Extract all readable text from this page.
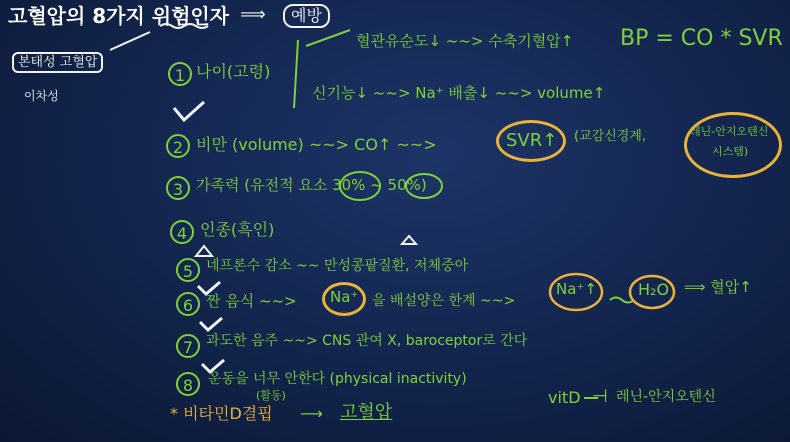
고혈압의 8가지 위험인자 ⟹	예방
본태성 고혈압
이차성
BP = CO * SVR
혈관유순도↓ ~~> 수축기혈압↑
신기능↓ ~~> Na⁺ 배출↓ ~~> volume↑
1 나이(고령)
2 비만 (volume) ~~> CO↑ ~~>
3 가족력 (유전적 요소 30% ~ 50%)
4 인종(흑인)
5 네프론수 감소 ~~ 만성콩팥질환, 저체중아
6 짠 음식 ~~>
7 과도한 음주 ~~> CNS 관여 X, baroceptor로 간다
8	운동을 너무 안한다 (physical inactivity)
(활동)
SVR↑ (교감신경계,	레닌-안지오텐신
시스템)
Na⁺ 을 배설양은 한계 ~~>
Na⁺↑	H₂O ⟹ 혈압↑
* 비타민D결핍 ⟶ 고혈압
vitD ⊣ 레닌-안지오텐신
